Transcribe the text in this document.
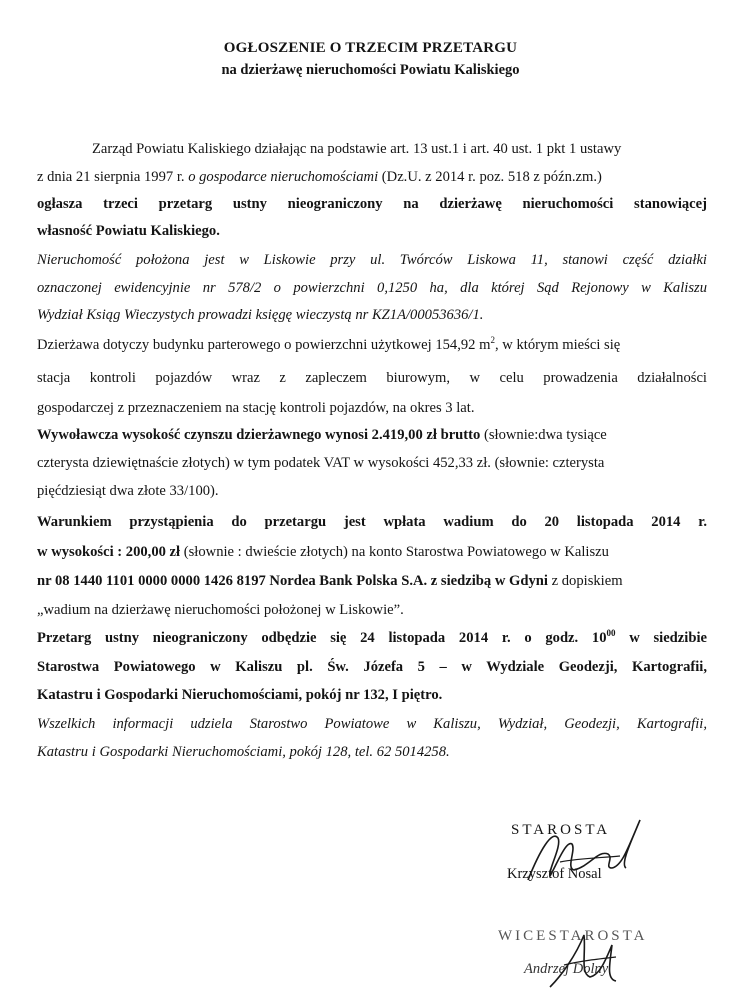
OGŁOSZENIE O TRZECIM PRZETARGU
na dzierżawę nieruchomości Powiatu Kaliskiego
Zarząd Powiatu Kaliskiego działając na podstawie art. 13 ust.1 i art. 40 ust. 1 pkt 1 ustawy
z dnia 21 sierpnia 1997 r. o gospodarce nieruchomościami (Dz.U. z 2014 r. poz. 518 z późn.zm.)
ogłasza trzeci przetarg ustny nieograniczony na dzierżawę nieruchomości stanowiącej
własność Powiatu Kaliskiego.
Nieruchomość położona jest w Liskowie przy ul. Twórców Liskowa 11, stanowi część działki
oznaczonej ewidencyjnie nr 578/2 o powierzchni 0,1250 ha, dla której Sąd Rejonowy w Kaliszu
Wydział Ksiąg Wieczystych prowadzi księgę wieczystą nr KZ1A/00053636/1.
Dzierżawa dotyczy budynku parterowego o powierzchni użytkowej 154,92 $m^2$, w którym mieści się
stacja kontroli pojazdów wraz z zapleczem biurowym, w celu prowadzenia działalności
gospodarczej z przeznaczeniem na stację kontroli pojazdów, na okres 3 lat.
Wywoławcza wysokość czynszu dzierżawnego wynosi 2.419,00 zł brutto (słownie:dwa tysiące
czterysta dziewiętnaście złotych) w tym podatek VAT w wysokości 452,33 zł. (słownie: czterysta
pięćdziesiąt dwa złote 33/100).
Warunkiem przystąpienia do przetargu jest wpłata wadium do 20 listopada 2014 r.
w wysokości : 200,00 zł (słownie : dwieście złotych) na konto Starostwa Powiatowego w Kaliszu
nr 08 1440 1101 0000 0000 1426 8197 Nordea Bank Polska S.A. z siedzibą w Gdyni z dopiskiem
„wadium na dzierżawę nieruchomości położonej w Liskowie”.
Przetarg ustny nieograniczony odbędzie się 24 listopada 2014 r. o godz. $10^{00}$ w siedzibie
Starostwa Powiatowego w Kaliszu pl. Św. Józefa 5 – w Wydziale Geodezji, Kartografii,
Katastru i Gospodarki Nieruchomościami, pokój nr 132, I piętro.
Wszelkich informacji udziela Starostwo Powiatowe w Kaliszu, Wydział, Geodezji, Kartografii,
Katastru i Gospodarki Nieruchomościami, pokój 128, tel. 62 5014258.
STAROSTA
Krzysztof Nosal
WICESTAROSTA
Andrzej Dolny
